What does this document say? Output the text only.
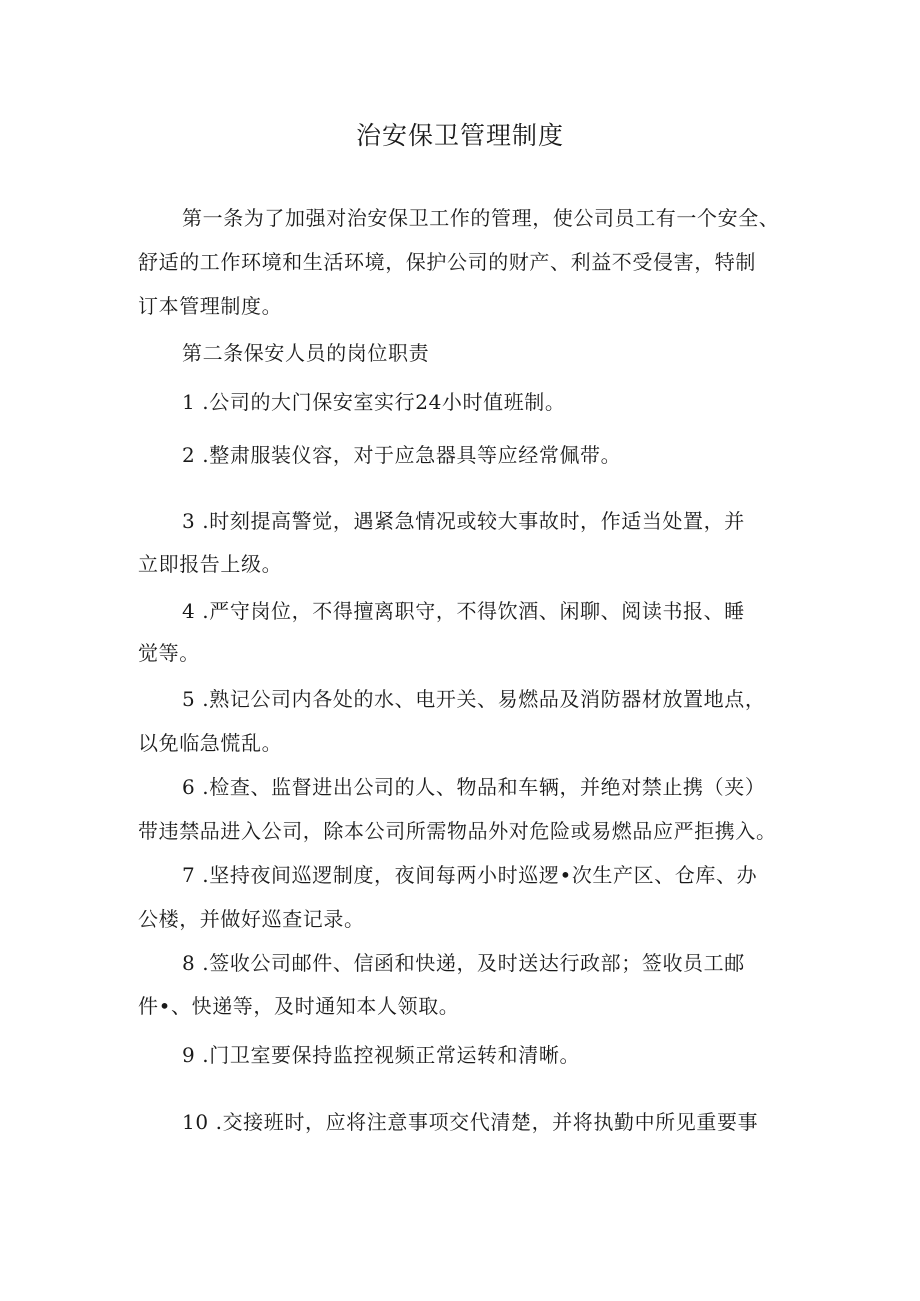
治安保卫管理制度
第一条为了加强对治安保卫工作的管理，使公司员工有一个安全、
舒适的工作环境和生活环境，保护公司的财产、利益不受侵害，特制
订本管理制度。
第二条保安人员的岗位职责
1 .公司的大门保安室实行24小时值班制。
2 .整肃服装仪容，对于应急器具等应经常佩带。
3 .时刻提高警觉，遇紧急情况或较大事故时，作适当处置，并
立即报告上级。
4 .严守岗位，不得擅离职守，不得饮酒、闲聊、阅读书报、睡
觉等。
5 .熟记公司内各处的水、电开关、易燃品及消防器材放置地点，
以免临急慌乱。
6 .检查、监督进出公司的人、物品和车辆，并绝对禁止携（夹）
带违禁品进入公司，除本公司所需物品外对危险或易燃品应严拒携入。
7 .坚持夜间巡逻制度，夜间每两小时巡逻•次生产区、仓库、办
公楼，并做好巡查记录。
8 .签收公司邮件、信函和快递，及时送达行政部；签收员工邮
件•、快递等，及时通知本人领取。
9 .门卫室要保持监控视频正常运转和清晰。
10 .交接班时，应将注意事项交代清楚，并将执勤中所见重要事
